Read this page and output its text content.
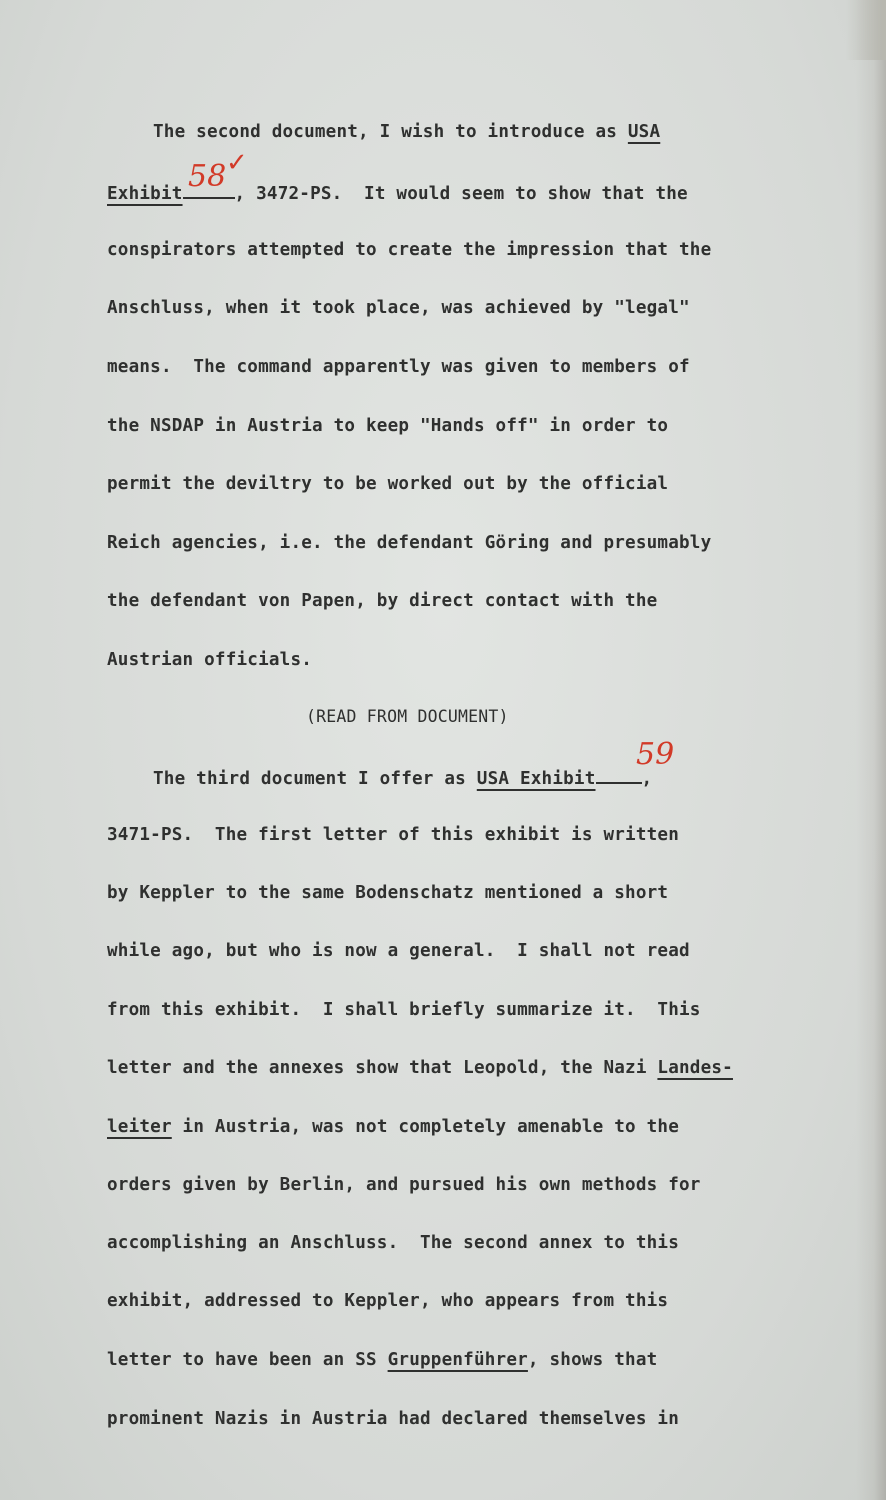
The second document, I wish to introduce as USA
Exhibit	, 3472-PS.  It would seem to show that the
58 ✓
conspirators attempted to create the impression that the
Anschluss, when it took place, was achieved by "legal"
means.  The command apparently was given to members of
the NSDAP in Austria to keep "Hands off" in order to
permit the deviltry to be worked out by the official
Reich agencies, i.e. the defendant Göring and presumably
the defendant von Papen, by direct contact with the
Austrian officials.
(READ FROM DOCUMENT)
The third document I offer as USA Exhibit	,
59
3471-PS.  The first letter of this exhibit is written
by Keppler to the same Bodenschatz mentioned a short
while ago, but who is now a general.  I shall not read
from this exhibit.  I shall briefly summarize it.  This
letter and the annexes show that Leopold, the Nazi Landes-
leiter in Austria, was not completely amenable to the
orders given by Berlin, and pursued his own methods for
accomplishing an Anschluss.  The second annex to this
exhibit, addressed to Keppler, who appears from this
letter to have been an SS Gruppenführer, shows that
prominent Nazis in Austria had declared themselves in
